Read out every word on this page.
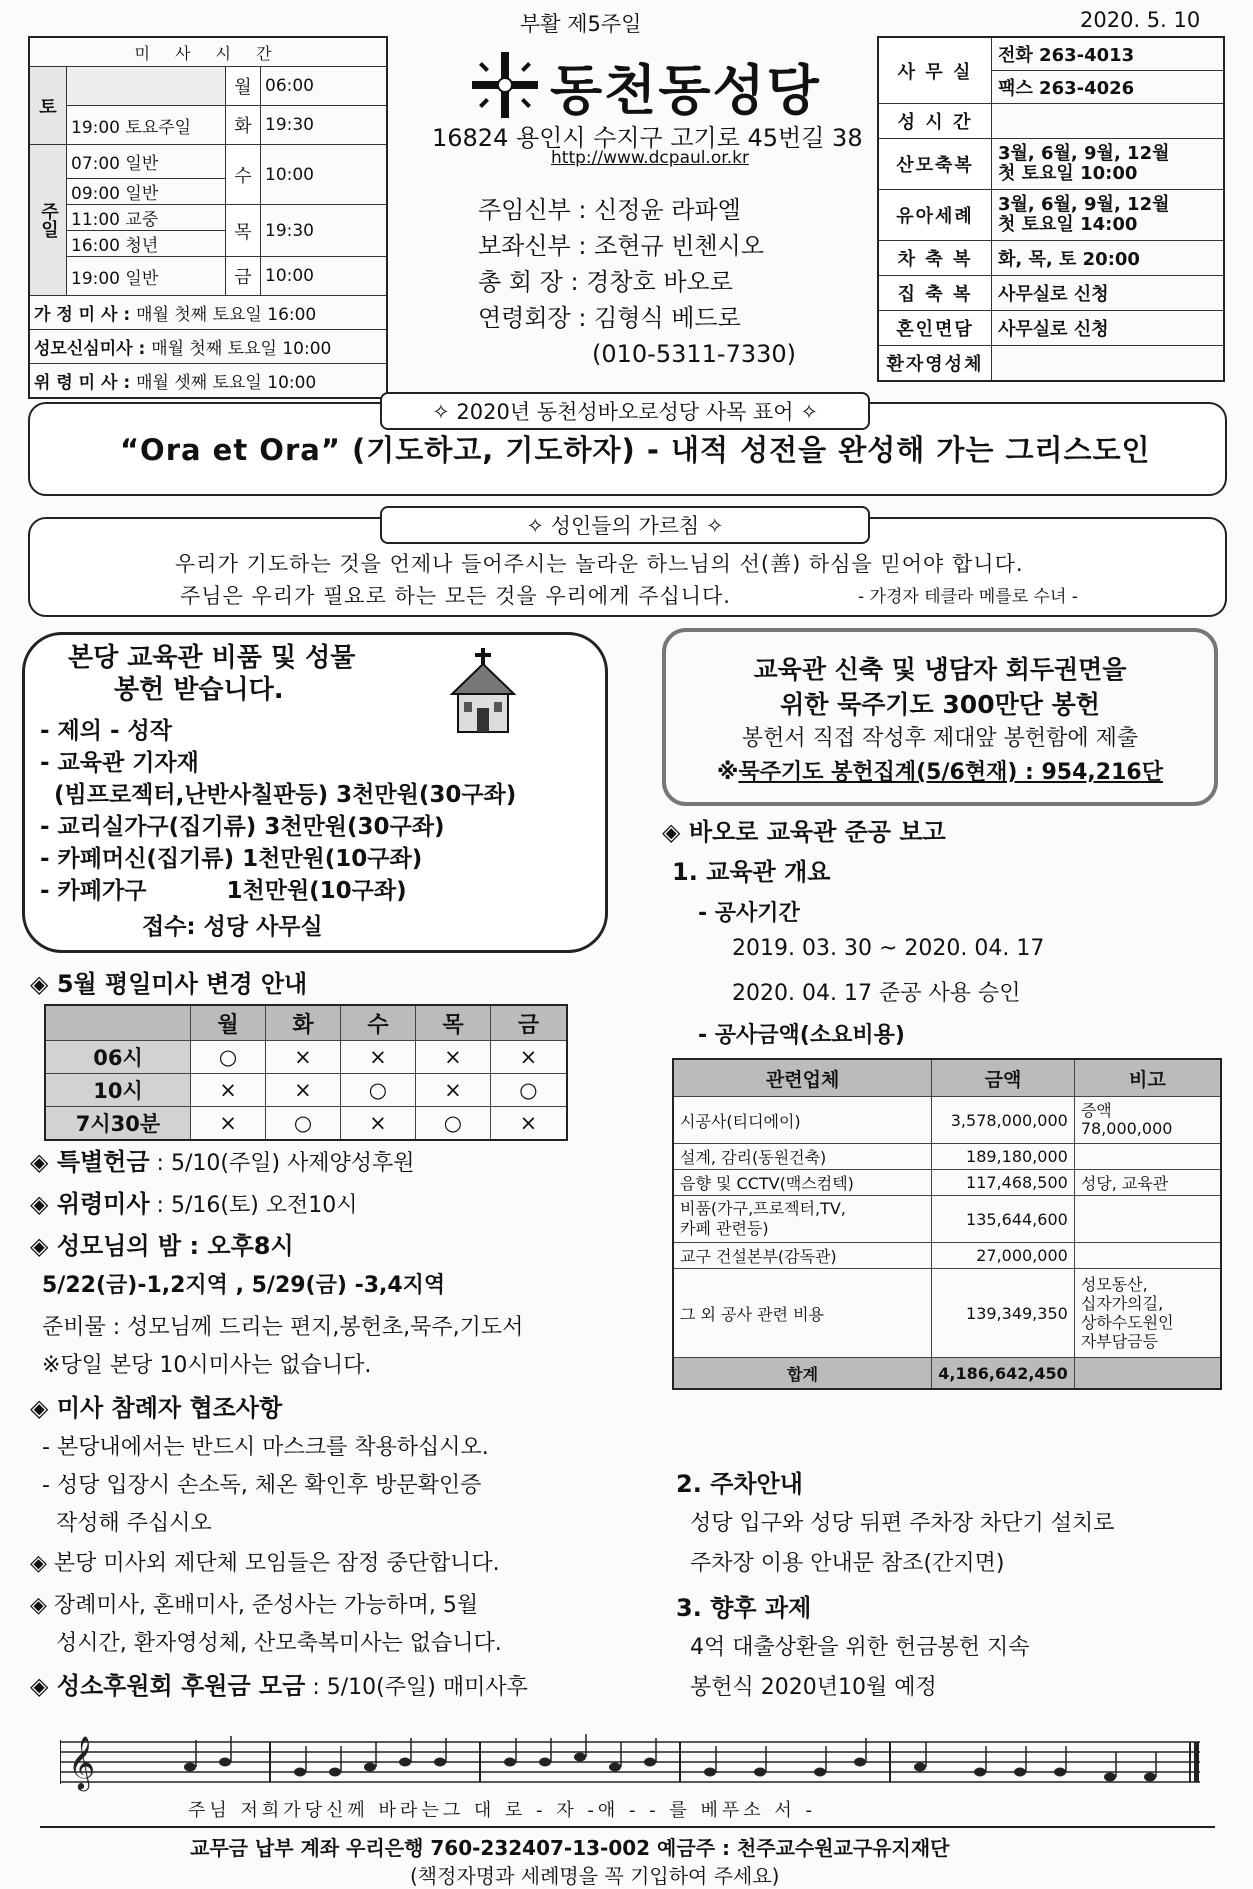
부활 제5주일	2020. 5. 10
미 사 시 간			
토		월	06:00
	19:00 토요주일	화	19:30
주일	07:00 일반	수	10:00
	09:00 일반		
	11:00 교중	목	19:30
	16:00 청년		
	19:00 일반	금	10:00
가 정 미 사 : 매월 첫째 토요일 16:00			
성모신심미사 : 매월 첫째 토요일 10:00			
위 령 미 사 : 매월 셋째 토요일 10:00			
동천동성당
16824 용인시 수지구 고기로 45번길 38
http://www.dcpaul.or.kr
주임신부 : 신정윤 라파엘
보좌신부 : 조현규 빈첸시오
총 회 장 : 경창호 바오로
연령회장 : 김형식 베드로
(010-5311-7330)
사 무 실	전화 263-4013
	팩스 263-4026
성 시 간	
산모축복	3월, 6월, 9월, 12월
첫 토요일 10:00
유아세례	3월, 6월, 9월, 12월
첫 토요일 14:00
차 축 복	화, 목, 토 20:00
집 축 복	사무실로 신청
혼인면담	사무실로 신청
환자영성체	
✧ 2020년 동천성바오로성당 사목 표어 ✧
“Ora et Ora” (기도하고, 기도하자) - 내적 성전을 완성해 가는 그리스도인
✧ 성인들의 가르침 ✧
우리가 기도하는 것을 언제나 들어주시는 놀라운 하느님의 선(善) 하심을 믿어야 합니다.
주님은 우리가 필요로 하는 모든 것을 우리에게 주십니다.	- 가경자 테클라 메를로 수녀 -
본당 교육관 비품 및 성물
봉헌 받습니다.
- 제의 - 성작
- 교육관 기자재
(빔프로젝터,난반사칠판등) 3천만원(30구좌)
- 교리실가구(집기류) 3천만원(30구좌)
- 카페머신(집기류) 1천만원(10구좌)
- 카페가구          1천만원(10구좌)
접수: 성당 사무실
교육관 신축 및 냉담자 회두권면을
위한 묵주기도 300만단 봉헌
봉헌서 직접 작성후 제대앞 봉헌함에 제출
※묵주기도 봉헌집계(5/6현재) : 954,216단
◈ 5월 평일미사 변경 안내
	월	화	수	목	금
06시	○	×	×	×	×
10시	×	×	○	×	○
7시30분	×	○	×	○	×
◈ 특별헌금 : 5/10(주일) 사제양성후원
◈ 위령미사 : 5/16(토) 오전10시
◈ 성모님의 밤 : 오후8시
5/22(금)-1,2지역 , 5/29(금) -3,4지역
준비물 : 성모님께 드리는 편지,봉헌초,묵주,기도서
※당일 본당 10시미사는 없습니다.
◈ 미사 참례자 협조사항
- 본당내에서는 반드시 마스크를 착용하십시오.
- 성당 입장시 손소독, 체온 확인후 방문확인증
작성해 주십시오
◈ 본당 미사외 제단체 모임들은 잠정 중단합니다.
◈ 장례미사, 혼배미사, 준성사는 가능하며, 5월
성시간, 환자영성체, 산모축복미사는 없습니다.
◈ 성소후원회 후원금 모금 : 5/10(주일) 매미사후
◈ 바오로 교육관 준공 보고
1. 교육관 개요
- 공사기간
2019. 03. 30 ~ 2020. 04. 17
2020. 04. 17 준공 사용 승인
- 공사금액(소요비용)
관련업체	금액	비고
시공사(티디에이)	3,578,000,000	증액
78,000,000
설계, 감리(동원건축)	189,180,000	
음향 및 CCTV(맥스컴텍)	117,468,500	성당, 교육관
비품(가구,프로젝터,TV,
카페 관련등)	135,644,600	
교구 건설본부(감독관)	27,000,000	
그 외 공사 관련 비용	139,349,350	성모동산,
십자가의길,
상하수도원인
자부담금등
합계	4,186,642,450	
2. 주차안내
성당 입구와 성당 뒤편 주차장 차단기 설치로
주차장 이용 안내문 참조(간지면)
3. 향후 과제
4억 대출상환을 위한 헌금봉헌 지속
봉헌식 2020년10월 예정
𝄞
주님 저희가당신께 바라는그 대 로 - 자 -애 - - 를 베푸소 서 -
교무금 납부 계좌 우리은행 760-232407-13-002 예금주 : 천주교수원교구유지재단
(책정자명과 세례명을 꼭 기입하여 주세요)
